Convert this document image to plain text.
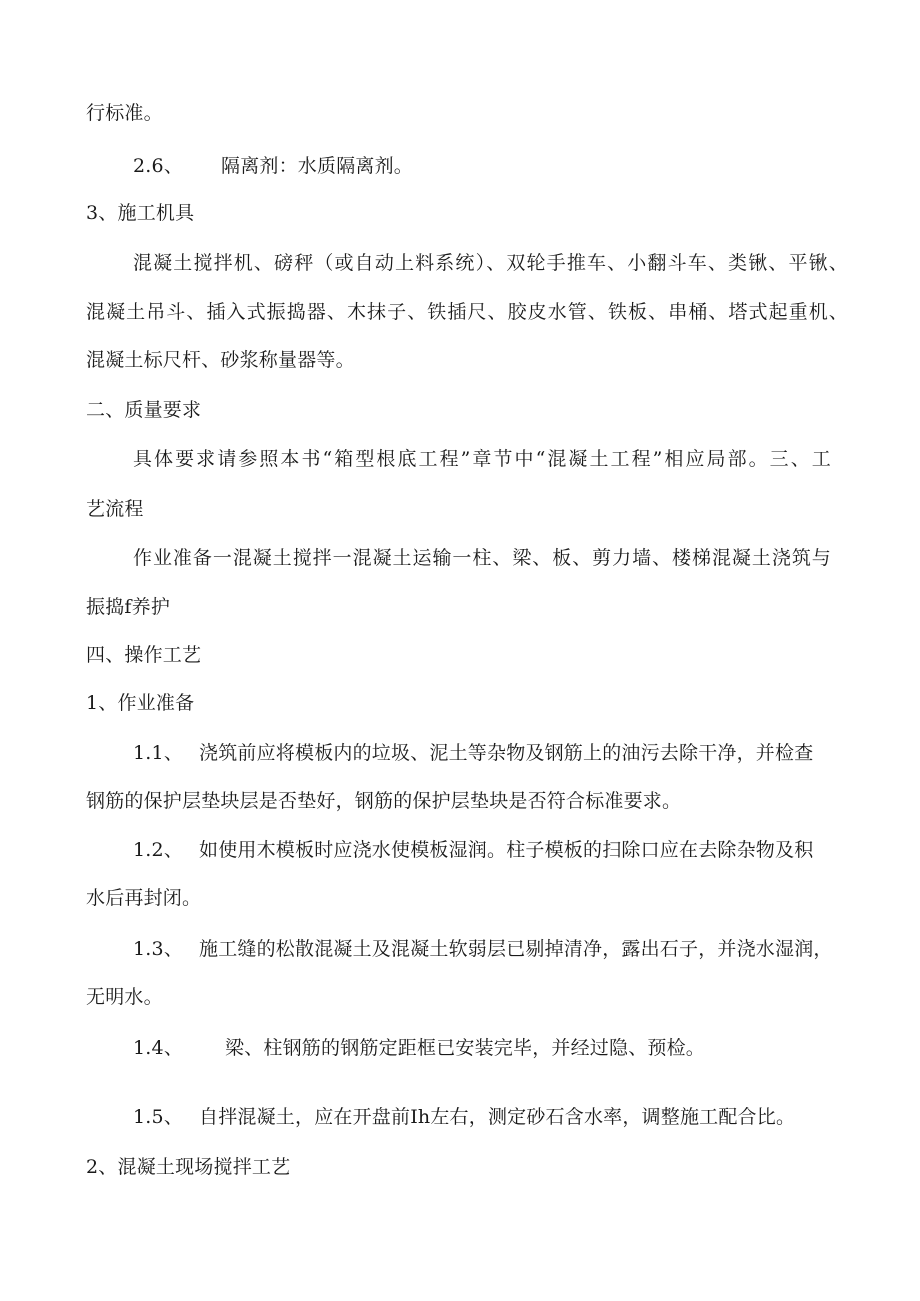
行标准。
2.6、 隔离剂：水质隔离剂。
3、施工机具
混凝土搅拌机、磅秤（或自动上料系统）、双轮手推车、小翻斗车、类锹、平锹、
混凝土吊斗、插入式振捣器、木抹子、铁插尺、胶皮水管、铁板、串桶、塔式起重机、
混凝土标尺杆、砂浆称量器等。
二、质量要求
具体要求请参照本书“箱型根底工程”章节中“混凝土工程”相应局部。三、工
艺流程
作业准备一混凝土搅拌一混凝土运输一柱、梁、板、剪力墙、楼梯混凝土浇筑与
振捣f养护
四、操作工艺
1、作业准备
1.1、 浇筑前应将模板内的垃圾、泥土等杂物及钢筋上的油污去除干净，并检查
钢筋的保护层垫块层是否垫好，钢筋的保护层垫块是否符合标准要求。
1.2、 如使用木模板时应浇水使模板湿润。柱子模板的扫除口应在去除杂物及积
水后再封闭。
1.3、 施工缝的松散混凝土及混凝土软弱层已剔掉清净，露出石子，并浇水湿润，
无明水。
1.4、 梁、柱钢筋的钢筋定距框已安装完毕，并经过隐、预检。
1.5、 自拌混凝土，应在开盘前Ih左右，测定砂石含水率，调整施工配合比。
2、混凝土现场搅拌工艺
